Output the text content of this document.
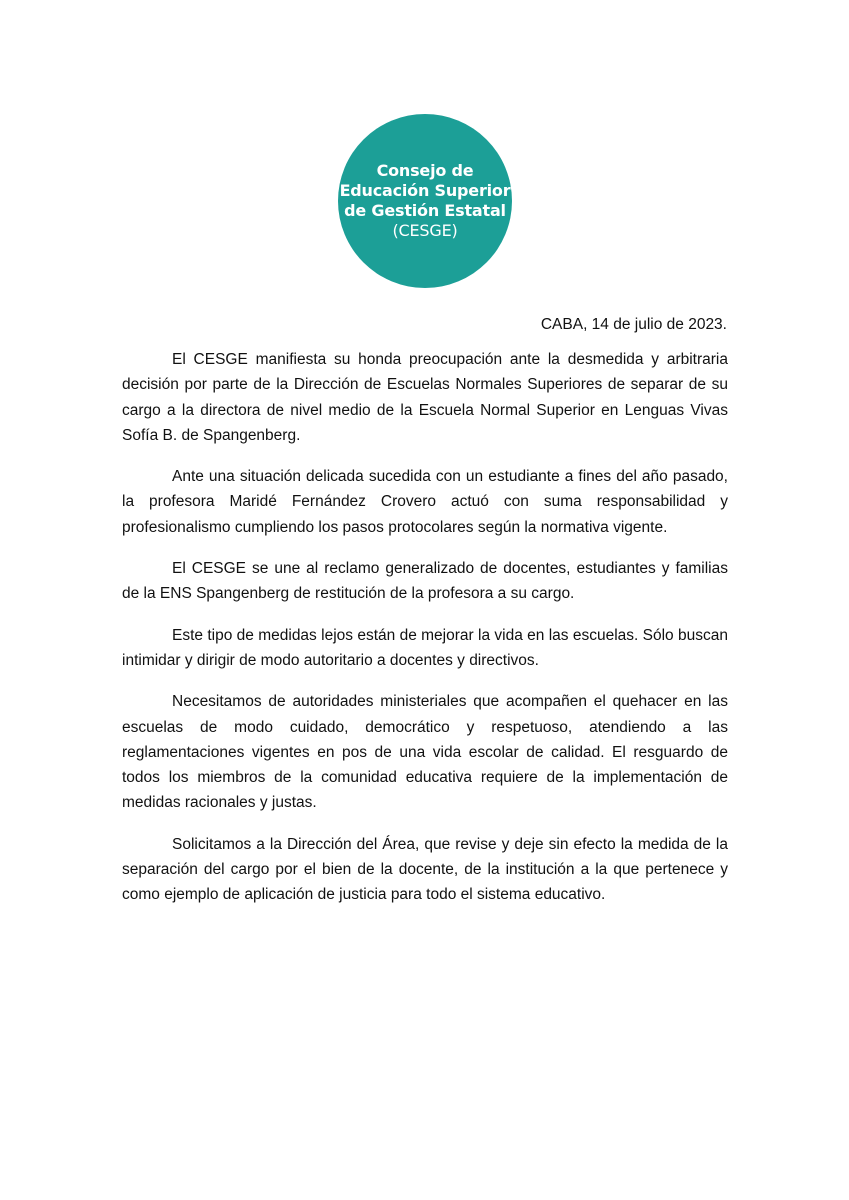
Consejo de
Educación Superior
de Gestión Estatal
(CESGE)
CABA, 14 de julio de 2023.

El CESGE manifiesta su honda preocupación ante la desmedida y arbitraria decisión por parte de la Dirección de Escuelas Normales Superiores de separar de su cargo a la directora de nivel medio de la Escuela Normal Superior en Lenguas Vivas Sofía B. de Spangenberg.

Ante una situación delicada sucedida con un estudiante a fines del año pasado, la profesora Maridé Fernández Crovero actuó con suma responsabilidad y profesionalismo cumpliendo los pasos protocolares según la normativa vigente.

El CESGE se une al reclamo generalizado de docentes, estudiantes y familias de la ENS Spangenberg de restitución de la profesora a su cargo.

Este tipo de medidas lejos están de mejorar la vida en las escuelas. Sólo buscan intimidar y dirigir de modo autoritario a docentes y directivos.

Necesitamos de autoridades ministeriales que acompañen el quehacer en las escuelas de modo cuidado, democrático y respetuoso, atendiendo a las reglamentaciones vigentes en pos de una vida escolar de calidad. El resguardo de todos los miembros de la comunidad educativa requiere de la implementación de medidas racionales y justas.

Solicitamos a la Dirección del Área, que revise y deje sin efecto la medida de la separación del cargo por el bien de la docente, de la institución a la que pertenece y como ejemplo de aplicación de justicia para todo el sistema educativo.
